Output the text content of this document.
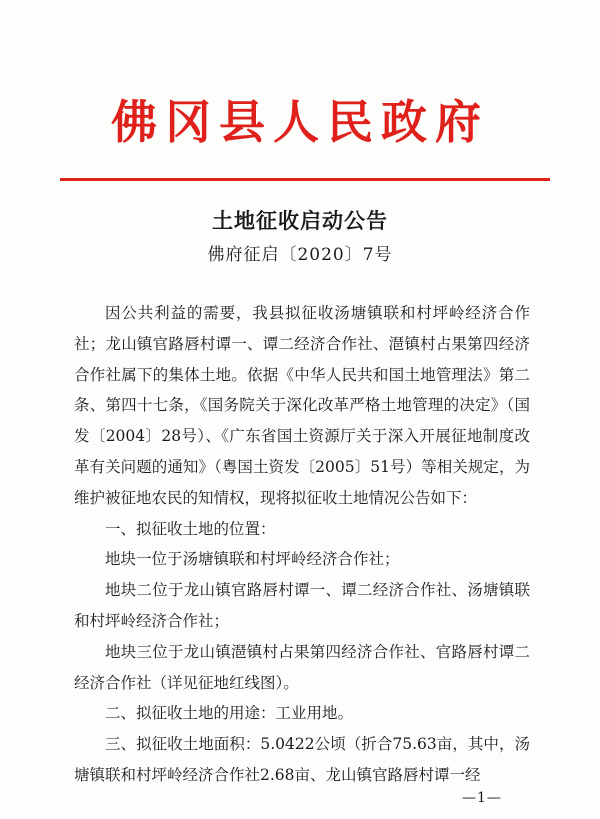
佛冈县人民政府
土地征收启动公告
佛府征启〔2020〕7号

因公共利益的需要，我县拟征收汤塘镇联和村坪岭经济合作社；龙山镇官路唇村谭一、谭二经济合作社、潖镇村占果第四经济合作社属下的集体土地。依据《中华人民共和国土地管理法》第二条、第四十七条，《国务院关于深化改革严格土地管理的决定》（国发〔2004〕28号）、《广东省国土资源厅关于深入开展征地制度改革有关问题的通知》（粤国土资发〔2005〕51号）等相关规定，为维护被征地农民的知情权，现将拟征收土地情况公告如下：

一、拟征收土地的位置：

地块一位于汤塘镇联和村坪岭经济合作社；

地块二位于龙山镇官路唇村谭一、谭二经济合作社、汤塘镇联和村坪岭经济合作社；

地块三位于龙山镇潖镇村占果第四经济合作社、官路唇村谭二经济合作社（详见征地红线图）。

二、拟征收土地的用途：工业用地。

三、拟征收土地面积：5.0422公顷（折合75.63亩，其中，汤塘镇联和村坪岭经济合作社2.68亩、龙山镇官路唇村谭一经

—1—
